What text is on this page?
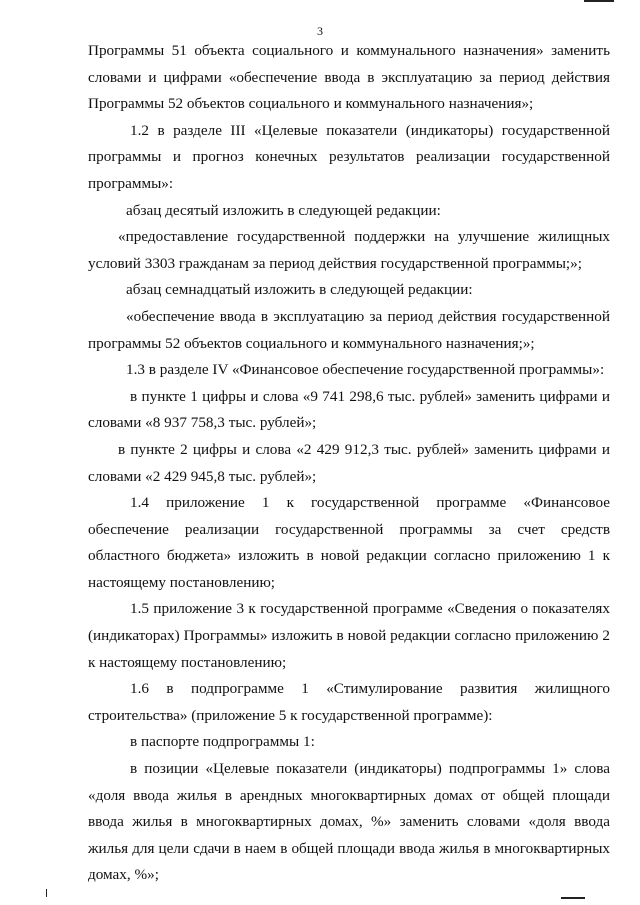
3

Программы 51 объекта социального и коммунального назначения» заменить словами и цифрами «обеспечение ввода в эксплуатацию за период действия Программы 52 объектов социального и коммунального назначения»;

1.2 в разделе III «Целевые показатели (индикаторы) государственной программы и прогноз конечных результатов реализации государственной программы»:

абзац десятый изложить в следующей редакции:

«предоставление государственной поддержки на улучшение жилищных условий 3303 гражданам за период действия государственной программы;»;

абзац семнадцатый изложить в следующей редакции:

«обеспечение ввода в эксплуатацию за период действия государственной программы 52 объектов социального и коммунального назначения;»;

1.3 в разделе IV «Финансовое обеспечение государственной программы»:

в пункте 1 цифры и слова «9 741 298,6 тыс. рублей» заменить цифрами и словами «8 937 758,3 тыс. рублей»;

в пункте 2 цифры и слова «2 429 912,3 тыс. рублей» заменить цифрами и словами «2 429 945,8 тыс. рублей»;

1.4 приложение 1 к государственной программе «Финансовое обеспечение реализации государственной программы за счет средств областного бюджета» изложить в новой редакции согласно приложению 1 к настоящему постановлению;

1.5 приложение 3 к государственной программе «Сведения о показателях (индикаторах) Программы» изложить в новой редакции согласно приложению 2 к настоящему постановлению;

1.6 в подпрограмме 1 «Стимулирование развития жилищного строительства» (приложение 5 к государственной программе):

в паспорте подпрограммы 1:

в позиции «Целевые показатели (индикаторы) подпрограммы 1» слова «доля ввода жилья в арендных многоквартирных домах от общей площади ввода жилья в многоквартирных домах, %» заменить словами «доля ввода жилья для цели сдачи в наем в общей площади ввода жилья в многоквартирных домах, %»;
